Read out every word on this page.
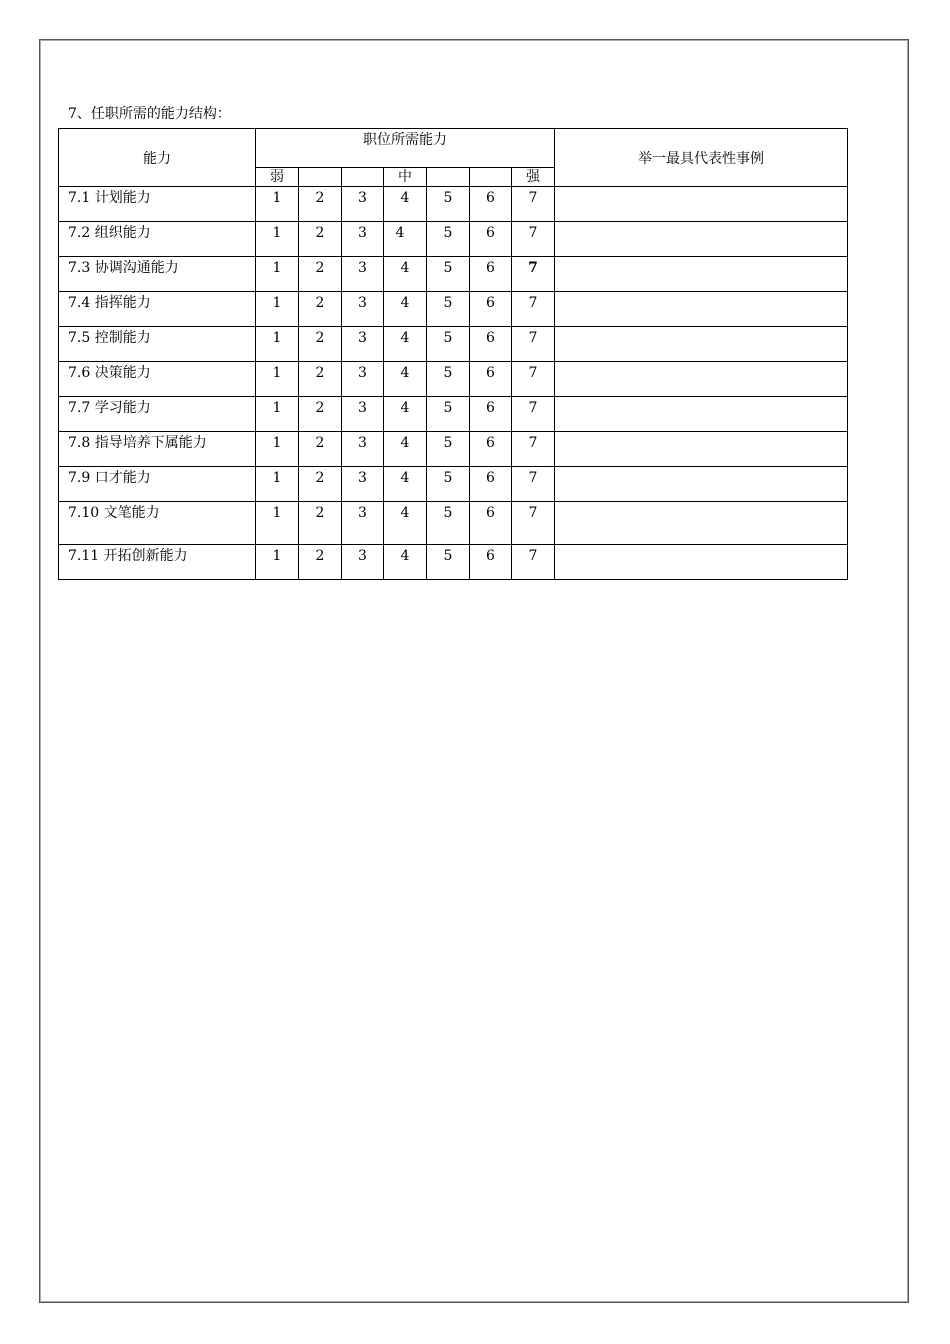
7、任职所需的能力结构：
能力	职位所需能力							举一最具代表性事例
	弱			中			强	
7.1 计划能力	1	2	3	4	5	6	7	
7.2 组织能力	1	2	3	4	5	6	7	
7.3 协调沟通能力	1	2	3	4	5	6	7	
7.4 指挥能力	1	2	3	4	5	6	7	
7.5 控制能力	1	2	3	4	5	6	7	
7.6 决策能力	1	2	3	4	5	6	7	
7.7 学习能力	1	2	3	4	5	6	7	
7.8 指导培养下属能力	1	2	3	4	5	6	7	
7.9 口才能力	1	2	3	4	5	6	7	
7.10 文笔能力	1	2	3	4	5	6	7	
7.11 开拓创新能力	1	2	3	4	5	6	7	
